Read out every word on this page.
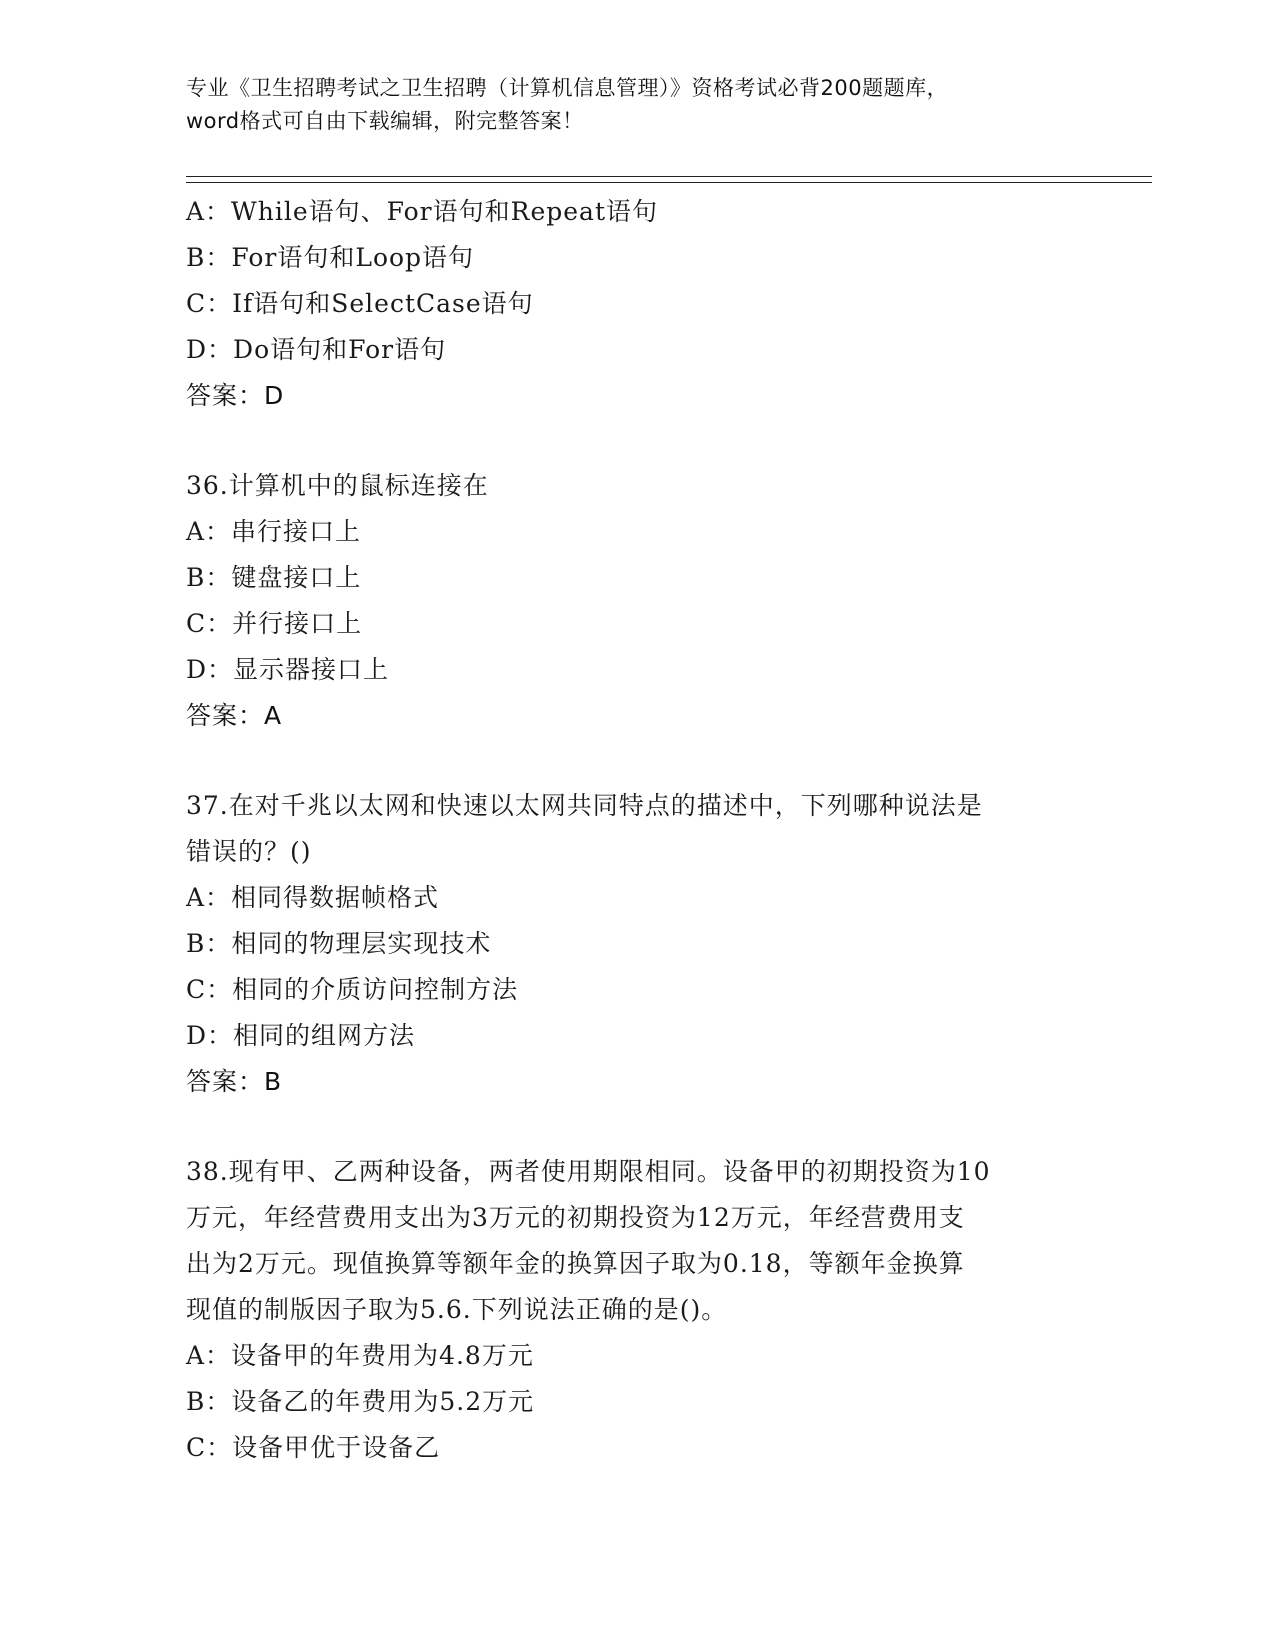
专业《卫生招聘考试之卫生招聘（计算机信息管理）》资格考试必背200题题库，
word格式可自由下载编辑，附完整答案！
A：While语句、For语句和Repeat语句
B：For语句和Loop语句
C：If语句和SelectCase语句
D：Do语句和For语句
答案：D
36.计算机中的鼠标连接在
A：串行接口上
B：键盘接口上
C：并行接口上
D：显示器接口上
答案：A
37.在对千兆以太网和快速以太网共同特点的描述中，下列哪种说法是
错误的？()
A：相同得数据帧格式
B：相同的物理层实现技术
C：相同的介质访问控制方法
D：相同的组网方法
答案：B
38.现有甲、乙两种设备，两者使用期限相同。设备甲的初期投资为10
万元，年经营费用支出为3万元的初期投资为12万元，年经营费用支
出为2万元。现值换算等额年金的换算因子取为0.18，等额年金换算
现值的制版因子取为5.6.下列说法正确的是()。
A：设备甲的年费用为4.8万元
B：设备乙的年费用为5.2万元
C：设备甲优于设备乙
